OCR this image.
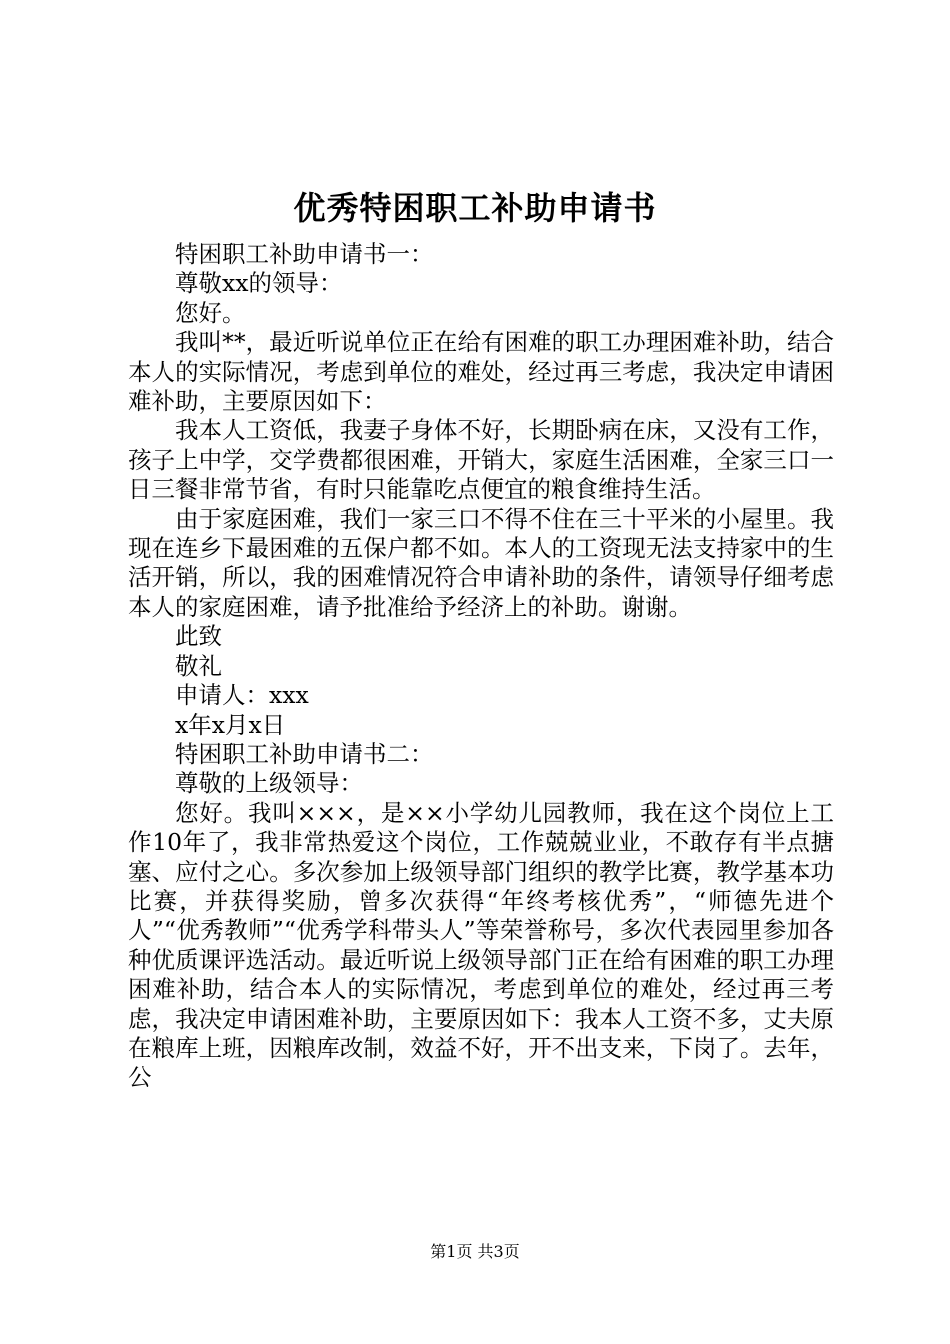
优秀特困职工补助申请书

特困职工补助申请书一：

尊敬xx的领导：

您好。

我叫**，最近听说单位正在给有困难的职工办理困难补助，结合本人的实际情况，考虑到单位的难处，经过再三考虑，我决定申请困难补助，主要原因如下：

我本人工资低，我妻子身体不好，长期卧病在床，又没有工作，孩子上中学，交学费都很困难，开销大，家庭生活困难，全家三口一日三餐非常节省，有时只能靠吃点便宜的粮食维持生活。

由于家庭困难，我们一家三口不得不住在三十平米的小屋里。我现在连乡下最困难的五保户都不如。本人的工资现无法支持家中的生活开销，所以，我的困难情况符合申请补助的条件，请领导仔细考虑本人的家庭困难，请予批准给予经济上的补助。谢谢。

此致

敬礼

申请人：xxx

x年x月x日

特困职工补助申请书二：

尊敬的上级领导：

您好。我叫×××，是××小学幼儿园教师，我在这个岗位上工作10年了，我非常热爱这个岗位，工作兢兢业业，不敢存有半点搪塞、应付之心。多次参加上级领导部门组织的教学比赛，教学基本功比赛，并获得奖励，曾多次获得“年终考核优秀”，“师德先进个人”“优秀教师”“优秀学科带头人”等荣誉称号，多次代表园里参加各种优质课评选活动。最近听说上级领导部门正在给有困难的职工办理困难补助，结合本人的实际情况，考虑到单位的难处，经过再三考虑，我决定申请困难补助，主要原因如下：我本人工资不多，丈夫原在粮库上班，因粮库改制，效益不好，开不出支来，下岗了。去年，公

第1页 共3页
